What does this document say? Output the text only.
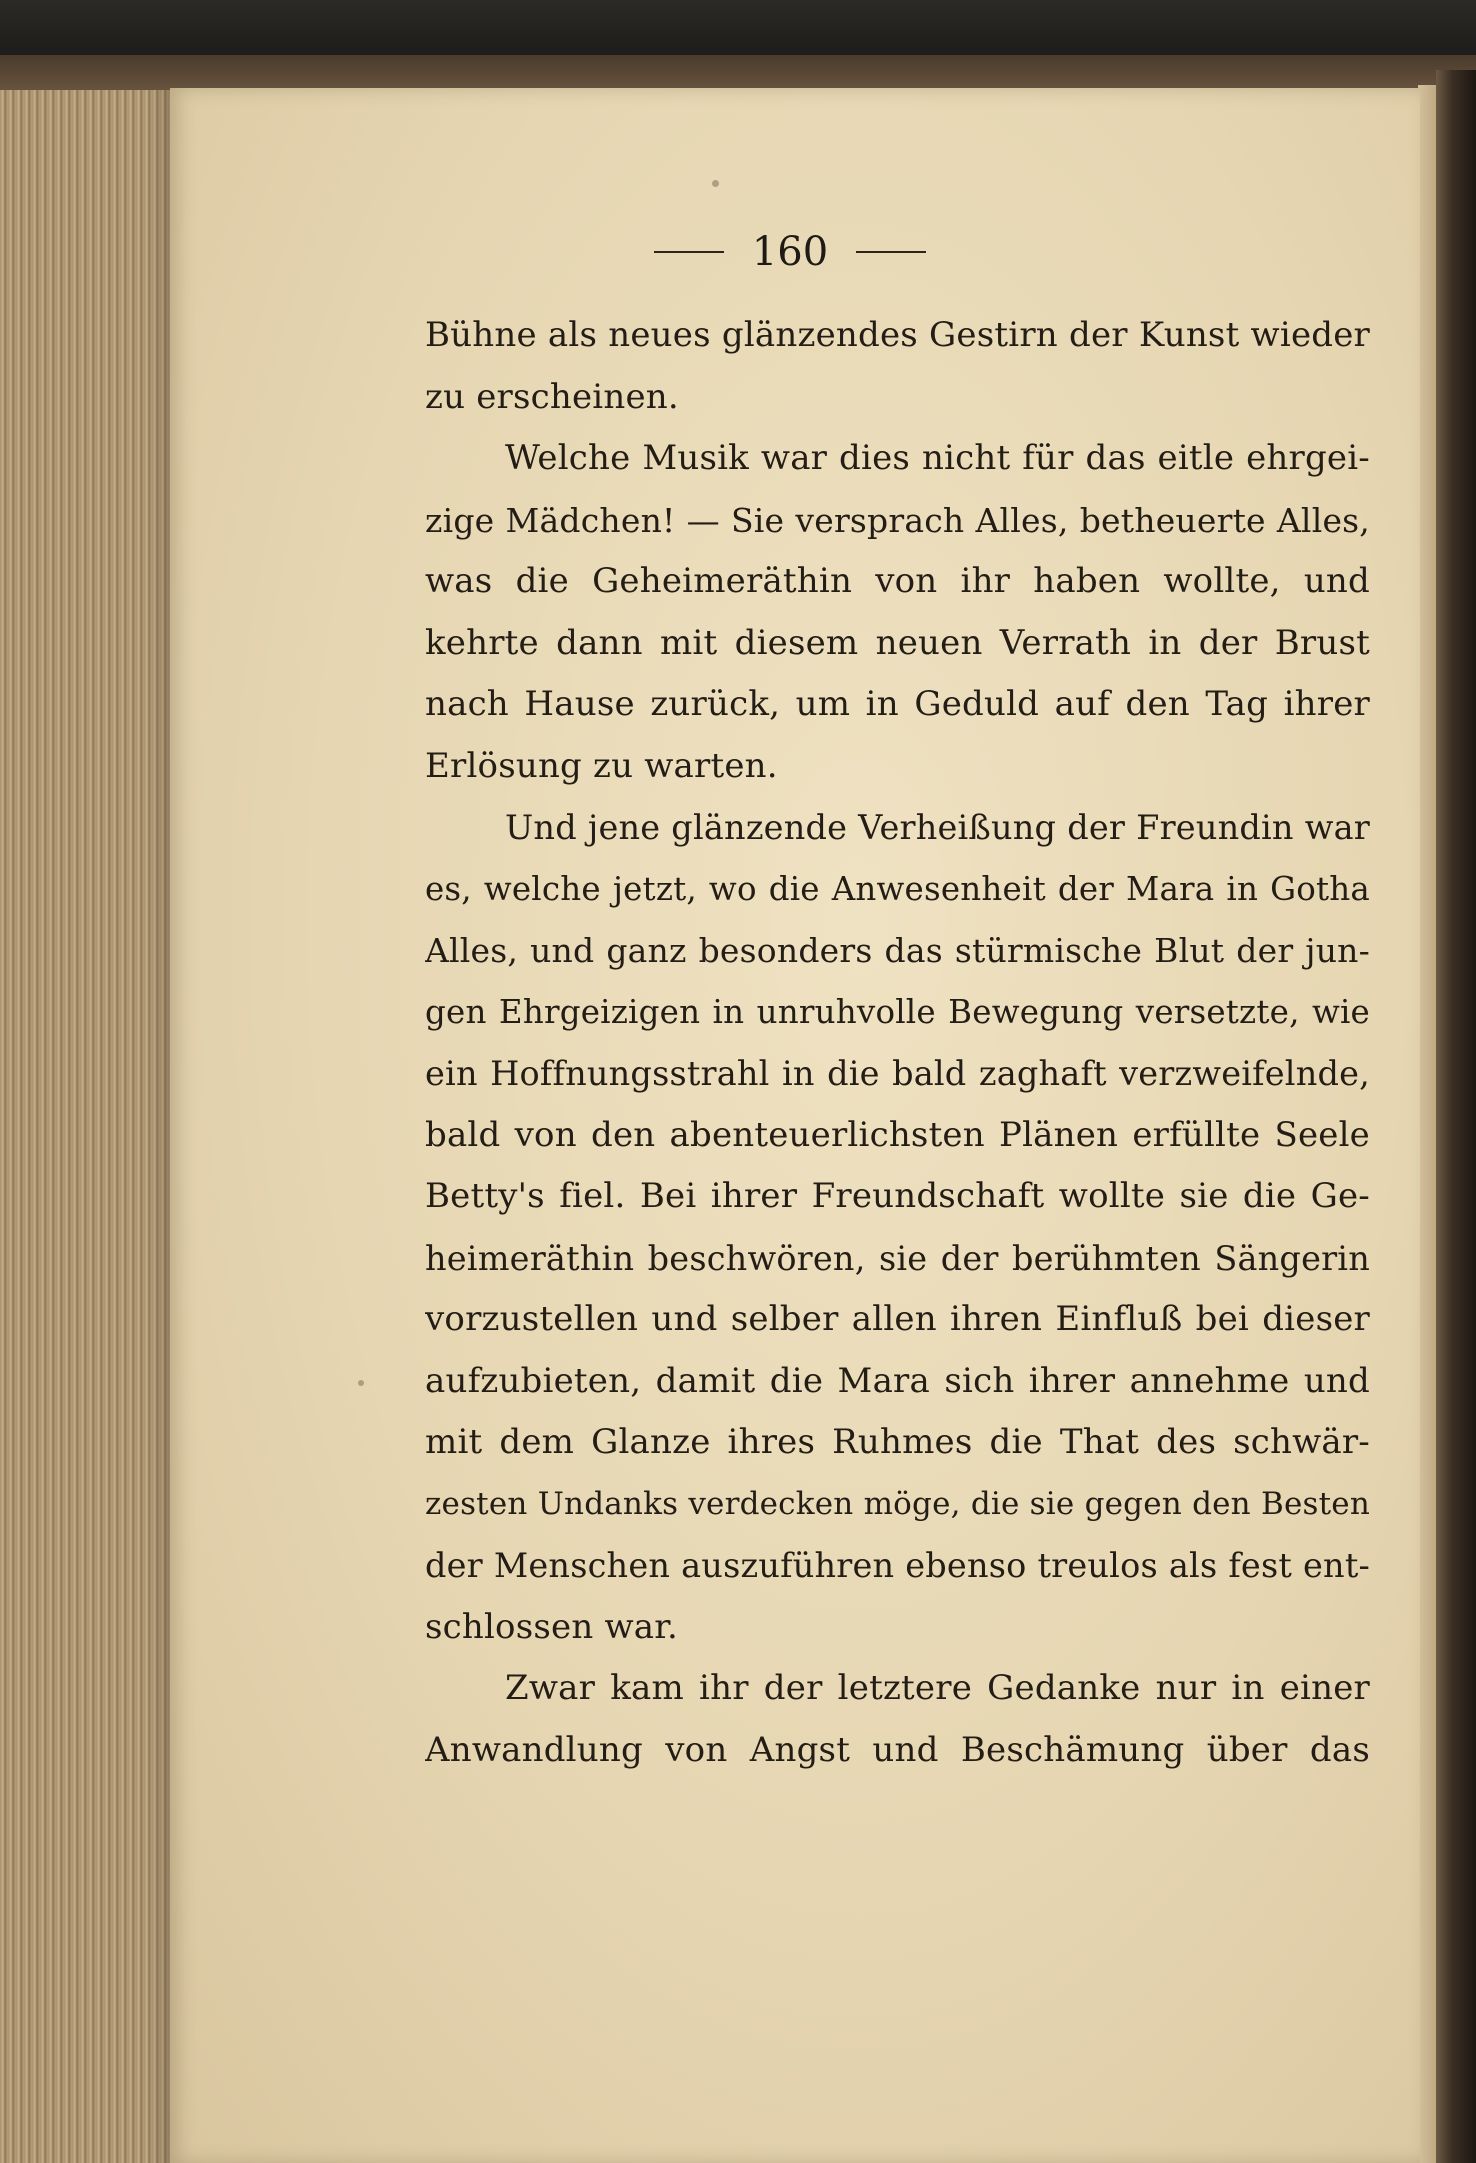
160
Bühne als neues glänzendes Gestirn der Kunst wieder
zu erscheinen.
Welche Musik war dies nicht für das eitle ehrgei-
zige Mädchen! — Sie versprach Alles, betheuerte Alles,
was die Geheimeräthin von ihr haben wollte, und
kehrte dann mit diesem neuen Verrath in der Brust
nach Hause zurück, um in Geduld auf den Tag ihrer
Erlösung zu warten.
Und jene glänzende Verheißung der Freundin war
es, welche jetzt, wo die Anwesenheit der Mara in Gotha
Alles, und ganz besonders das stürmische Blut der jun-
gen Ehrgeizigen in unruhvolle Bewegung versetzte, wie
ein Hoffnungsstrahl in die bald zaghaft verzweifelnde,
bald von den abenteuerlichsten Plänen erfüllte Seele
Betty's fiel. Bei ihrer Freundschaft wollte sie die Ge-
heimeräthin beschwören, sie der berühmten Sängerin
vorzustellen und selber allen ihren Einfluß bei dieser
aufzubieten, damit die Mara sich ihrer annehme und
mit dem Glanze ihres Ruhmes die That des schwär-
zesten Undanks verdecken möge, die sie gegen den Besten
der Menschen auszuführen ebenso treulos als fest ent-
schlossen war.
Zwar kam ihr der letztere Gedanke nur in einer
Anwandlung von Angst und Beschämung über das
